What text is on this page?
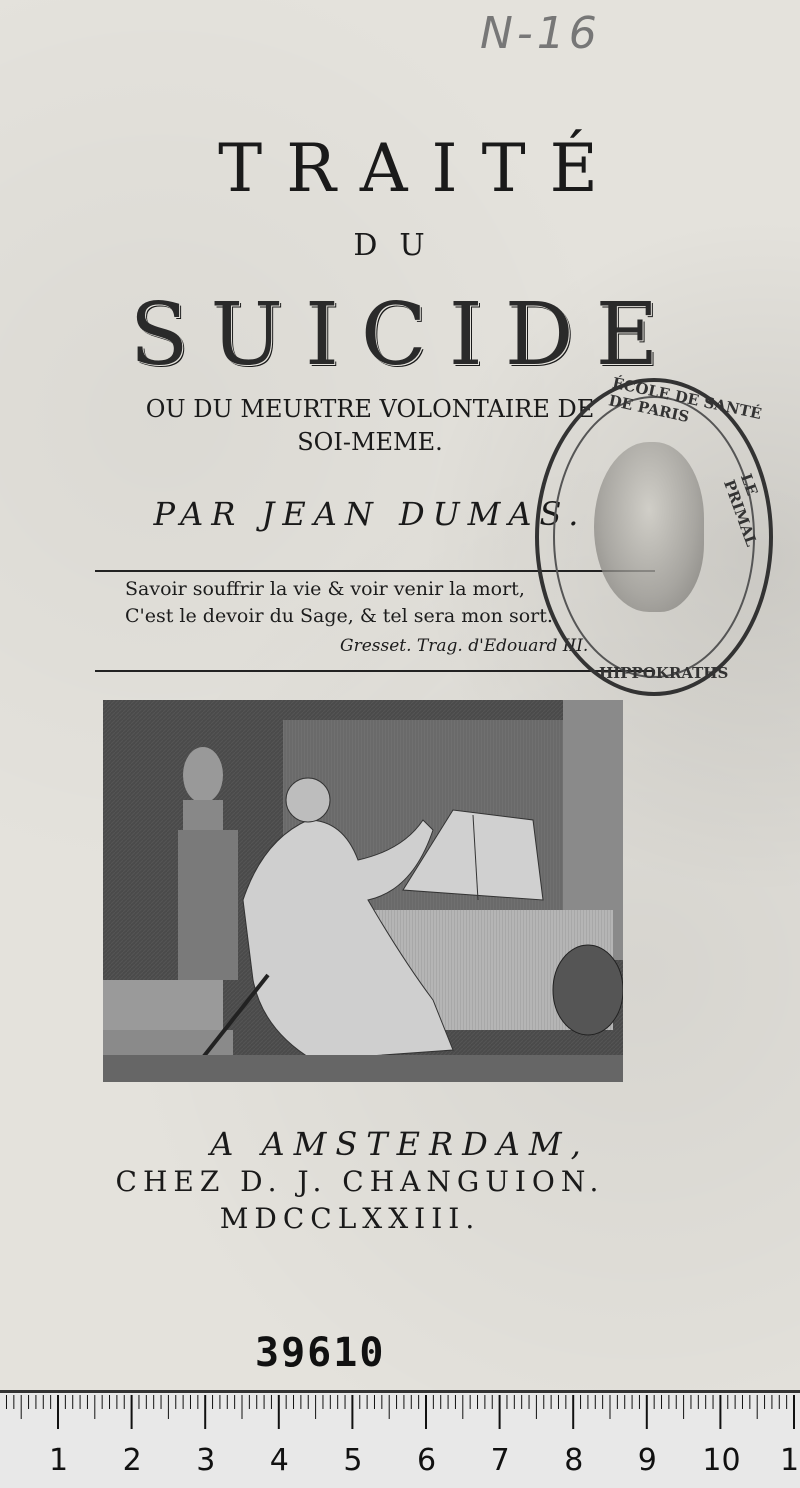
N-16
TRAITÉ
DU
SUICIDE
OU DU MEURTRE VOLONTAIRE DE
SOI-MEME.
PAR JEAN DUMAS.
Savoir souffrir la vie & voir venir la mort,
C'est le devoir du Sage, & tel sera mon sort.
Gresset. Trag. d'Edouard III.
ÉCOLE DE SANTÉ DE PARIS
LE PRIMAL
HIPPOKRATHS
A AMSTERDAM,
CHEZ D. J. CHANGUION.
MDCCLXXIII.
39610
1 2 3 4 5 6 7 8 9 10 1
